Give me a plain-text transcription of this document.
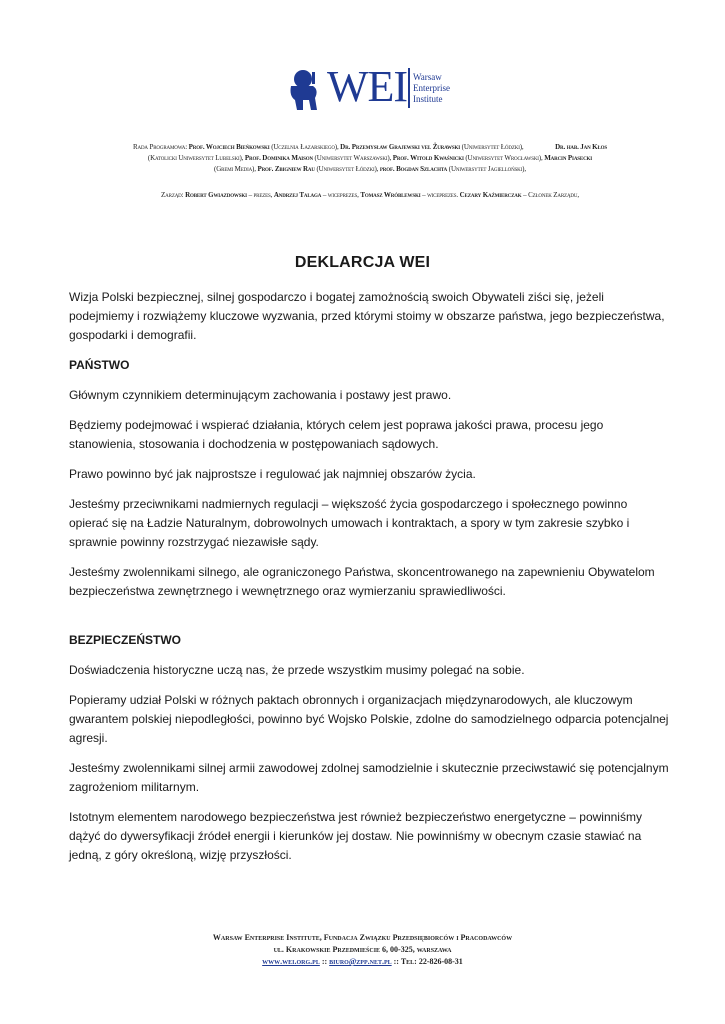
WEI Warsaw
Enterprise
Institute
Rada Programowa: Prof. Wojciech Bieńkowski (Uczelnia Łazarskiego), Dr. Przemysław Grajewski vel Żurawski (Uniwersytet Łódzki),	Dr. hab. Jan Kłos
(Katolicki Uniwersytet Lubelski), Prof. Dominika Maison (Uniwersytet Warszawski), Prof. Witold Kwaśnicki (Uniwersytet Wrocławski), Marcin Piasecki
(Gremi Media), Prof. Zbigniew Rau (Uniwersytet Łódzki), prof. Bogdan Szlachta (Uniwersytet Jagielloński),
Zarząd: Robert Gwiazdowski – prezes, Andrzej Talaga – wiceprezes, Tomasz Wróblewski – wiceprezes. Cezary Kaźmierczak – Członek Zarządu,
DEKLARCJA WEI

Wizja Polski bezpiecznej, silnej gospodarczo i bogatej zamożnością swoich Obywateli ziści się, jeżeli podejmiemy i rozwiążemy kluczowe wyzwania, przed którymi stoimy w obszarze państwa, jego bezpieczeństwa, gospodarki i demografii.

PAŃSTWO

Głównym czynnikiem determinującym zachowania i postawy jest prawo.

Będziemy podejmować i wspierać działania, których celem jest poprawa jakości prawa, procesu jego stanowienia, stosowania i dochodzenia w postępowaniach sądowych.

Prawo powinno być jak najprostsze i regulować jak najmniej obszarów życia.

Jesteśmy przeciwnikami nadmiernych regulacji – większość życia gospodarczego i społecznego powinno opierać się na Ładzie Naturalnym, dobrowolnych umowach i kontraktach, a spory w tym zakresie szybko i sprawnie powinny rozstrzygać niezawisłe sądy.

Jesteśmy zwolennikami silnego, ale ograniczonego Państwa, skoncentrowanego na zapewnieniu Obywatelom bezpieczeństwa zewnętrznego i wewnętrznego oraz wymierzaniu sprawiedliwości.

BEZPIECZEŃSTWO

Doświadczenia historyczne uczą nas, że przede wszystkim musimy polegać na sobie.

Popieramy udział Polski w różnych paktach obronnych i organizacjach międzynarodowych, ale kluczowym gwarantem polskiej niepodległości, powinno być Wojsko Polskie, zdolne do samodzielnego odparcia potencjalnej agresji.

Jesteśmy zwolennikami silnej armii zawodowej zdolnej samodzielnie i skutecznie przeciwstawić się potencjalnym zagrożeniom militarnym.

Istotnym elementem narodowego bezpieczeństwa jest również bezpieczeństwo energetyczne – powinniśmy dążyć do dywersyfikacji źródeł energii i kierunków jej dostaw. Nie powinniśmy w obecnym czasie stawiać na jedną, z góry określoną, wizję przyszłości.

Warsaw Enterprise Institute, Fundacja Związku Przedsiębiorców i Pracodawców
ul. Krakowskie Przedmieście 6, 00-325, warszawa
www.wei.org.pl :: biuro@zpp.net.pl :: Tel: 22-826-08-31
